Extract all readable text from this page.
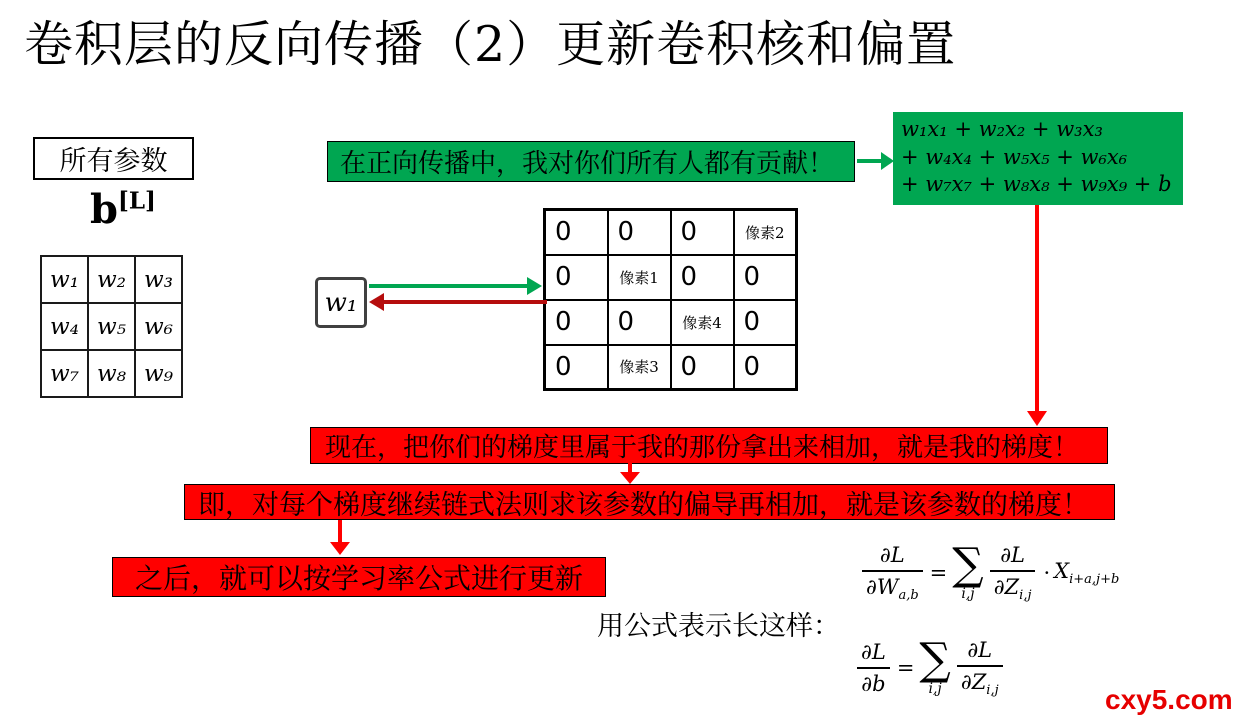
卷积层的反向传播（2）更新卷积核和偏置
所有参数
b[L]
w₁	w₂	w₃
w₄	w₅	w₆
w₇	w₈	w₉
在正向传播中，我对你们所有人都有贡献！
w₁x₁ + w₂x₂ + w₃x₃
+ w₄x₄ + w₅x₅ + w₆x₆
+ w₇x₇ + w₈x₈ + w₉x₉ + b
0	0	0	像素2
0	像素1	0	0
0	0	像素4	0
0	像素3	0	0
w₁
现在，把你们的梯度里属于我的那份拿出来相加，就是我的梯度！
即，对每个梯度继续链式法则求该参数的偏导再相加，就是该参数的梯度！
之后，就可以按学习率公式进行更新
用公式表示长这样：
$\frac{\partial L}{\partial W_{a,b}}$ = ∑
$i,j \frac{\partial L}{\partial Z_{i,j}} \cdot X_{i+a,j+b}$
$\frac{\partial L}{\partial b}$ = ∑
$i,j \frac{\partial L}{\partial Z_{i,j}}$
cxy5.com
